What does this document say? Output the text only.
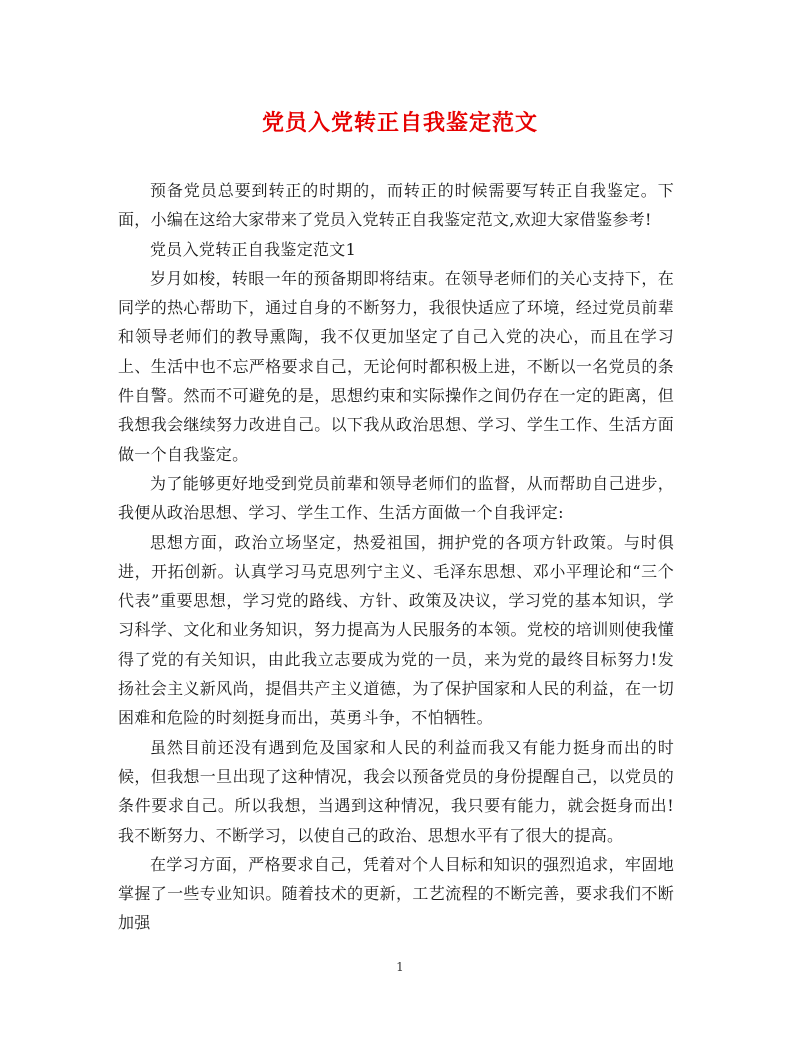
党员入党转正自我鉴定范文

预备党员总要到转正的时期的，而转正的时候需要写转正自我鉴定。下面，小编在这给大家带来了党员入党转正自我鉴定范文,欢迎大家借鉴参考!

党员入党转正自我鉴定范文1

岁月如梭，转眼一年的预备期即将结束。在领导老师们的关心支持下，在同学的热心帮助下，通过自身的不断努力，我很快适应了环境，经过党员前辈和领导老师们的教导熏陶，我不仅更加坚定了自己入党的决心，而且在学习上、生活中也不忘严格要求自己，无论何时都积极上进，不断以一名党员的条件自警。然而不可避免的是，思想约束和实际操作之间仍存在一定的距离，但我想我会继续努力改进自己。以下我从政治思想、学习、学生工作、生活方面做一个自我鉴定。

为了能够更好地受到党员前辈和领导老师们的监督，从而帮助自己进步，我便从政治思想、学习、学生工作、生活方面做一个自我评定:

思想方面，政治立场坚定，热爱祖国，拥护党的各项方针政策。与时俱进，开拓创新。认真学习马克思列宁主义、毛泽东思想、邓小平理论和“三个代表”重要思想，学习党的路线、方针、政策及决议，学习党的基本知识，学习科学、文化和业务知识，努力提高为人民服务的本领。党校的培训则使我懂得了党的有关知识，由此我立志要成为党的一员，来为党的最终目标努力!发扬社会主义新风尚，提倡共产主义道德，为了保护国家和人民的利益，在一切困难和危险的时刻挺身而出，英勇斗争，不怕牺牲。

虽然目前还没有遇到危及国家和人民的利益而我又有能力挺身而出的时候，但我想一旦出现了这种情况，我会以预备党员的身份提醒自己，以党员的条件要求自己。所以我想，当遇到这种情况，我只要有能力，就会挺身而出!我不断努力、不断学习，以使自己的政治、思想水平有了很大的提高。

在学习方面，严格要求自己，凭着对个人目标和知识的强烈追求，牢固地掌握了一些专业知识。随着技术的更新，工艺流程的不断完善，要求我们不断加强

1
